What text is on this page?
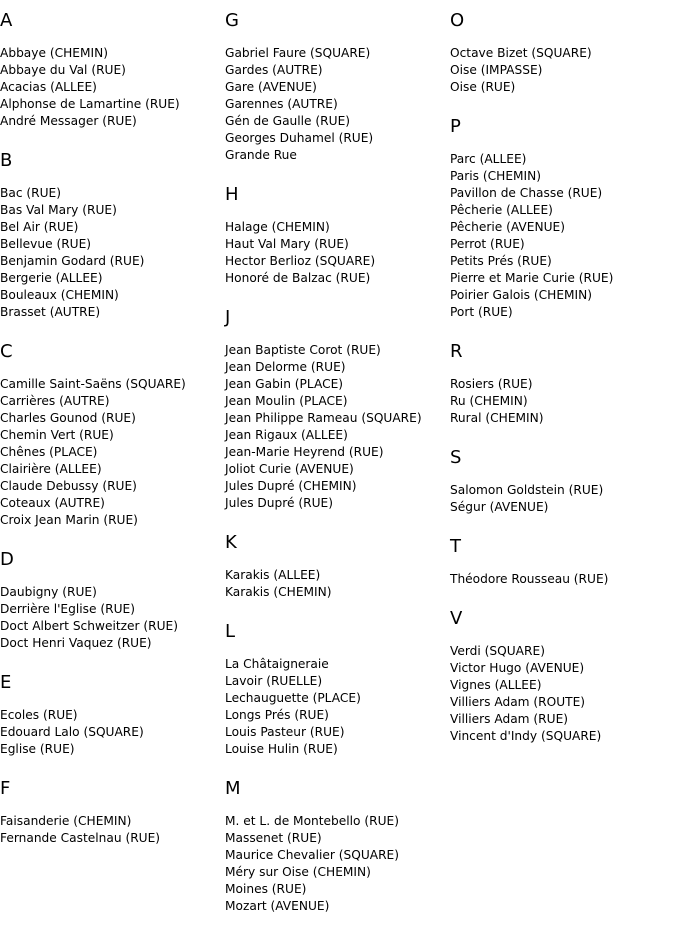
A
Abbaye (CHEMIN)
Abbaye du Val (RUE)
Acacias (ALLEE)
Alphonse de Lamartine (RUE)
André Messager (RUE)
B
Bac (RUE)
Bas Val Mary (RUE)
Bel Air (RUE)
Bellevue (RUE)
Benjamin Godard (RUE)
Bergerie (ALLEE)
Bouleaux (CHEMIN)
Brasset (AUTRE)
C
Camille Saint-Saëns (SQUARE)
Carrières (AUTRE)
Charles Gounod (RUE)
Chemin Vert (RUE)
Chênes (PLACE)
Clairière (ALLEE)
Claude Debussy (RUE)
Coteaux (AUTRE)
Croix Jean Marin (RUE)
D
Daubigny (RUE)
Derrière l'Eglise (RUE)
Doct Albert Schweitzer (RUE)
Doct Henri Vaquez (RUE)
E
Ecoles (RUE)
Edouard Lalo (SQUARE)
Eglise (RUE)
F
Faisanderie (CHEMIN)
Fernande Castelnau (RUE)
G
Gabriel Faure (SQUARE)
Gardes (AUTRE)
Gare (AVENUE)
Garennes (AUTRE)
Gén de Gaulle (RUE)
Georges Duhamel (RUE)
Grande Rue
H
Halage (CHEMIN)
Haut Val Mary (RUE)
Hector Berlioz (SQUARE)
Honoré de Balzac (RUE)
J
Jean Baptiste Corot (RUE)
Jean Delorme (RUE)
Jean Gabin (PLACE)
Jean Moulin (PLACE)
Jean Philippe Rameau (SQUARE)
Jean Rigaux (ALLEE)
Jean-Marie Heyrend (RUE)
Joliot Curie (AVENUE)
Jules Dupré (CHEMIN)
Jules Dupré (RUE)
K
Karakis (ALLEE)
Karakis (CHEMIN)
L
La Châtaigneraie
Lavoir (RUELLE)
Lechauguette (PLACE)
Longs Prés (RUE)
Louis Pasteur (RUE)
Louise Hulin (RUE)
M
M. et L. de Montebello (RUE)
Massenet (RUE)
Maurice Chevalier (SQUARE)
Méry sur Oise (CHEMIN)
Moines (RUE)
Mozart (AVENUE)
O
Octave Bizet (SQUARE)
Oise (IMPASSE)
Oise (RUE)
P
Parc (ALLEE)
Paris (CHEMIN)
Pavillon de Chasse (RUE)
Pêcherie (ALLEE)
Pêcherie (AVENUE)
Perrot (RUE)
Petits Prés (RUE)
Pierre et Marie Curie (RUE)
Poirier Galois (CHEMIN)
Port (RUE)
R
Rosiers (RUE)
Ru (CHEMIN)
Rural (CHEMIN)
S
Salomon Goldstein (RUE)
Ségur (AVENUE)
T
Théodore Rousseau (RUE)
V
Verdi (SQUARE)
Victor Hugo (AVENUE)
Vignes (ALLEE)
Villiers Adam (ROUTE)
Villiers Adam (RUE)
Vincent d'Indy (SQUARE)
